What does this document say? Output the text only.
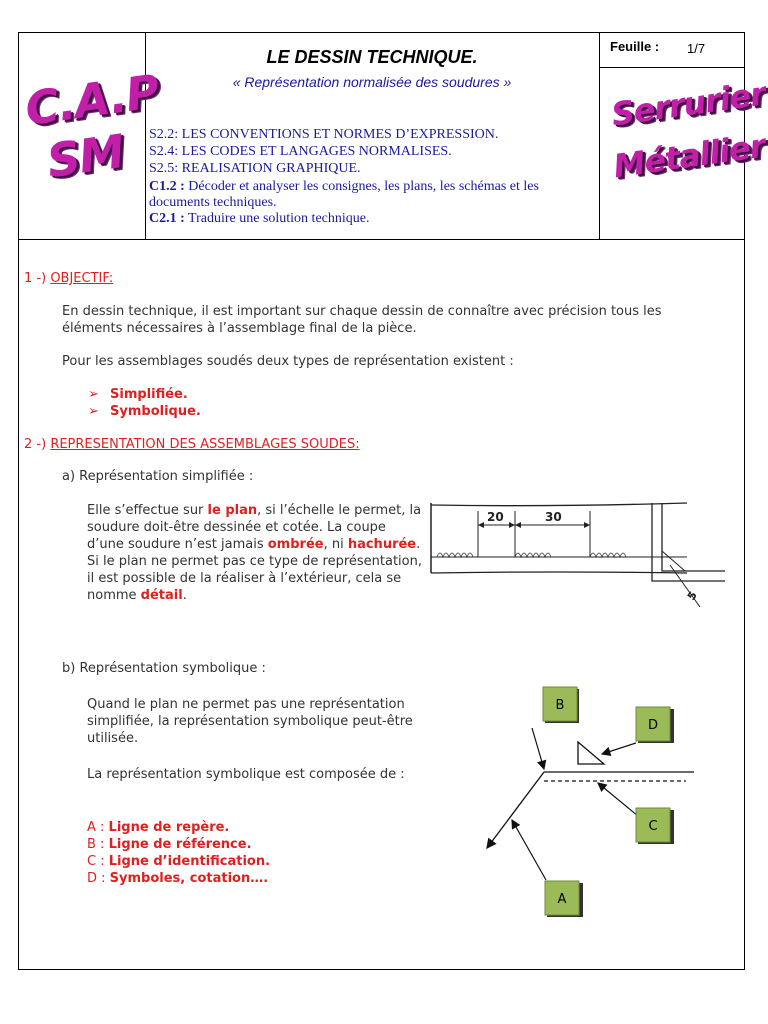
C.A.P
SM
LE DESSIN TECHNIQUE.
« Représentation normalisée des soudures »
S2.2: LES CONVENTIONS ET NORMES D’EXPRESSION.
S2.4: LES CODES ET LANGAGES NORMALISES.
S2.5: REALISATION GRAPHIQUE.
C1.2 : Décoder et analyser les consignes, les plans, les schémas et les documents techniques.
C2.1 : Traduire une solution technique.
Feuille : 1/7
Serrurier
Métallier

1 -) OBJECTIF:

En dessin technique, il est important sur chaque dessin de connaître avec précision tous les éléments nécessaires à l’assemblage final de la pièce.

Pour les assemblages soudés deux types de représentation existent :

➢ Simplifiée.

➢ Symbolique.

2 -) REPRESENTATION DES ASSEMBLAGES SOUDES:

a) Représentation simplifiée :

Elle s’effectue sur le plan, si l’échelle le permet, la soudure doit-être dessinée et cotée. La coupe d’une soudure n’est jamais ombrée, ni hachurée. Si le plan ne permet pas ce type de représentation, il est possible de la réaliser à l’extérieur, cela se nomme détail.

20	30
5

b) Représentation symbolique :

Quand le plan ne permet pas une représentation simplifiée, la représentation symbolique peut-être utilisée.

La représentation symbolique est composée de :

A : Ligne de repère.

B : Ligne de référence.

C : Ligne d’identification.

D : Symboles, cotation….

B
D
C
A
